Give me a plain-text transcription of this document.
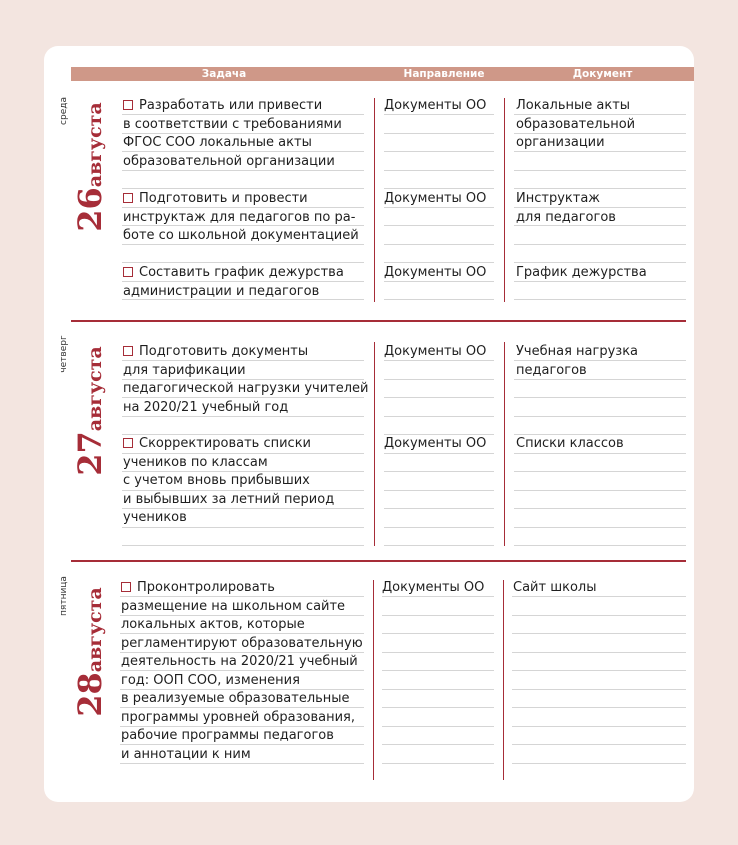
Задача	Направление	Документ
среда
26августа
четверг
27августа
пятница
28августа

Разработать или привести
в соответствии с требованиями
ФГОС СОО локальные акты
образовательной организации

Документы ОО Локальные акты
образовательной
организации

Подготовить и провести
инструктаж для педагогов по ра-
боте со школьной документацией

Документы ОО Инструктаж
для педагогов

Составить график дежурства
администрации и педагогов

Документы ОО График дежурства

Подготовить документы
для тарификации
педагогической нагрузки учителей
на 2020/21 учебный год

Документы ОО Учебная нагрузка
педагогов

Скорректировать списки
учеников по классам
с учетом вновь прибывших
и выбывших за летний период
учеников

Документы ОО Списки классов

Проконтролировать
размещение на школьном сайте
локальных актов, которые
регламентируют образовательную
деятельность на 2020/21 учебный
год: ООП СОО, изменения
в реализуемые образовательные
программы уровней образования,
рабочие программы педагогов
и аннотации к ним

Документы ОО Сайт школы
